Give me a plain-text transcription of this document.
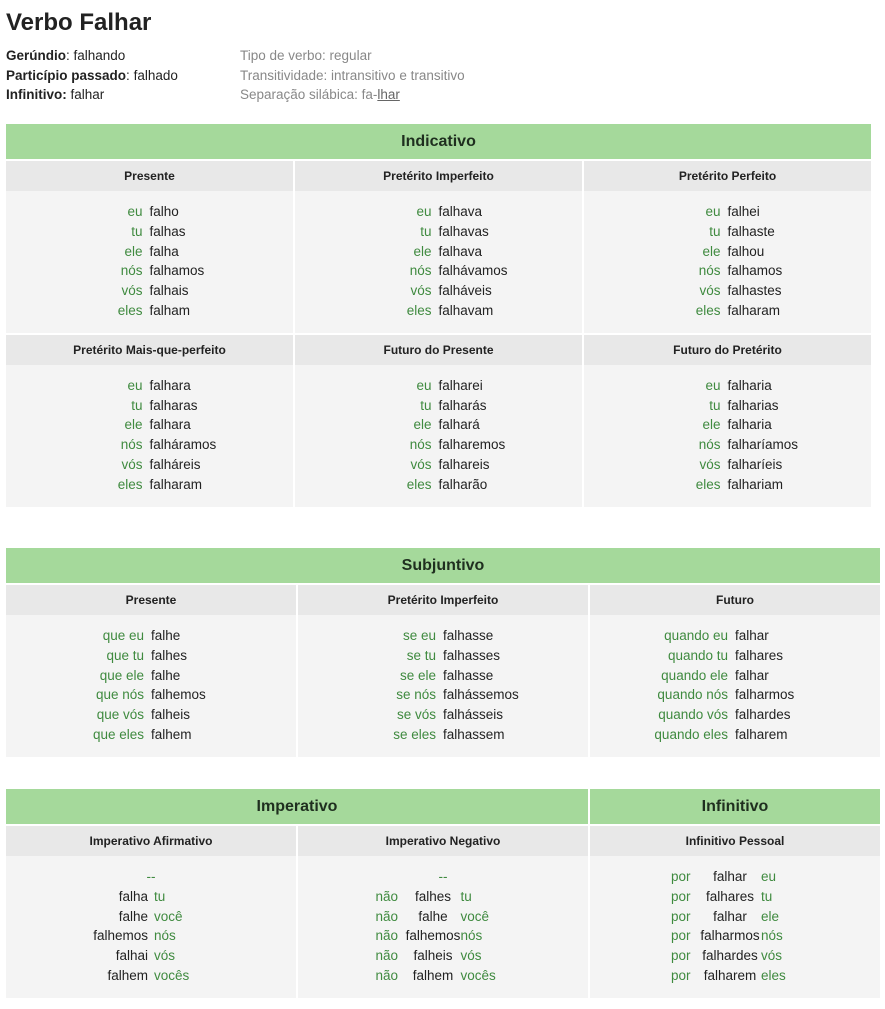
Verbo Falhar
Gerúndio: falhando
Particípio passado: falhado
Infinitivo: falhar
Tipo de verbo: regular
Transitividade: intransitivo e transitivo
Separação silábica: fa-lhar
Indicativo
Presente
eu falho
tu falhas
ele falha
nós falhamos
vós falhais
eles falham
Pretérito Imperfeito
eu falhava
tu falhavas
ele falhava
nós falhávamos
vós falháveis
eles falhavam
Pretérito Perfeito
eu falhei
tu falhaste
ele falhou
nós falhamos
vós falhastes
eles falharam
Pretérito Mais-que-perfeito
eu falhara
tu falharas
ele falhara
nós falháramos
vós falháreis
eles falharam
Futuro do Presente
eu falharei
tu falharás
ele falhará
nós falharemos
vós falhareis
eles falharão
Futuro do Pretérito
eu falharia
tu falharias
ele falharia
nós falharíamos
vós falharíeis
eles falhariam
Subjuntivo
Presente
que eu falhe
que tu falhes
que ele falhe
que nós falhemos
que vós falheis
que eles falhem
Pretérito Imperfeito
se eu falhasse
se tu falhasses
se ele falhasse
se nós falhássemos
se vós falhásseis
se eles falhassem
Futuro
quando eu falhar
quando tu falhares
quando ele falhar
quando nós falharmos
quando vós falhardes
quando eles falharem
Imperativo
Imperativo Afirmativo
--
falha tu
falhe você
falhemos nós
falhai vós
falhem vocês
Imperativo Negativo
--
não	falhes tu
não	falhe você
não falhemos nós
não	falheis vós
não	falhem vocês
Infinitivo
Infinitivo Pessoal
por	falhar	eu
por	falhares tu
por	falhar	ele
por falharmos nós
por falhardes vós
por falharem eles
